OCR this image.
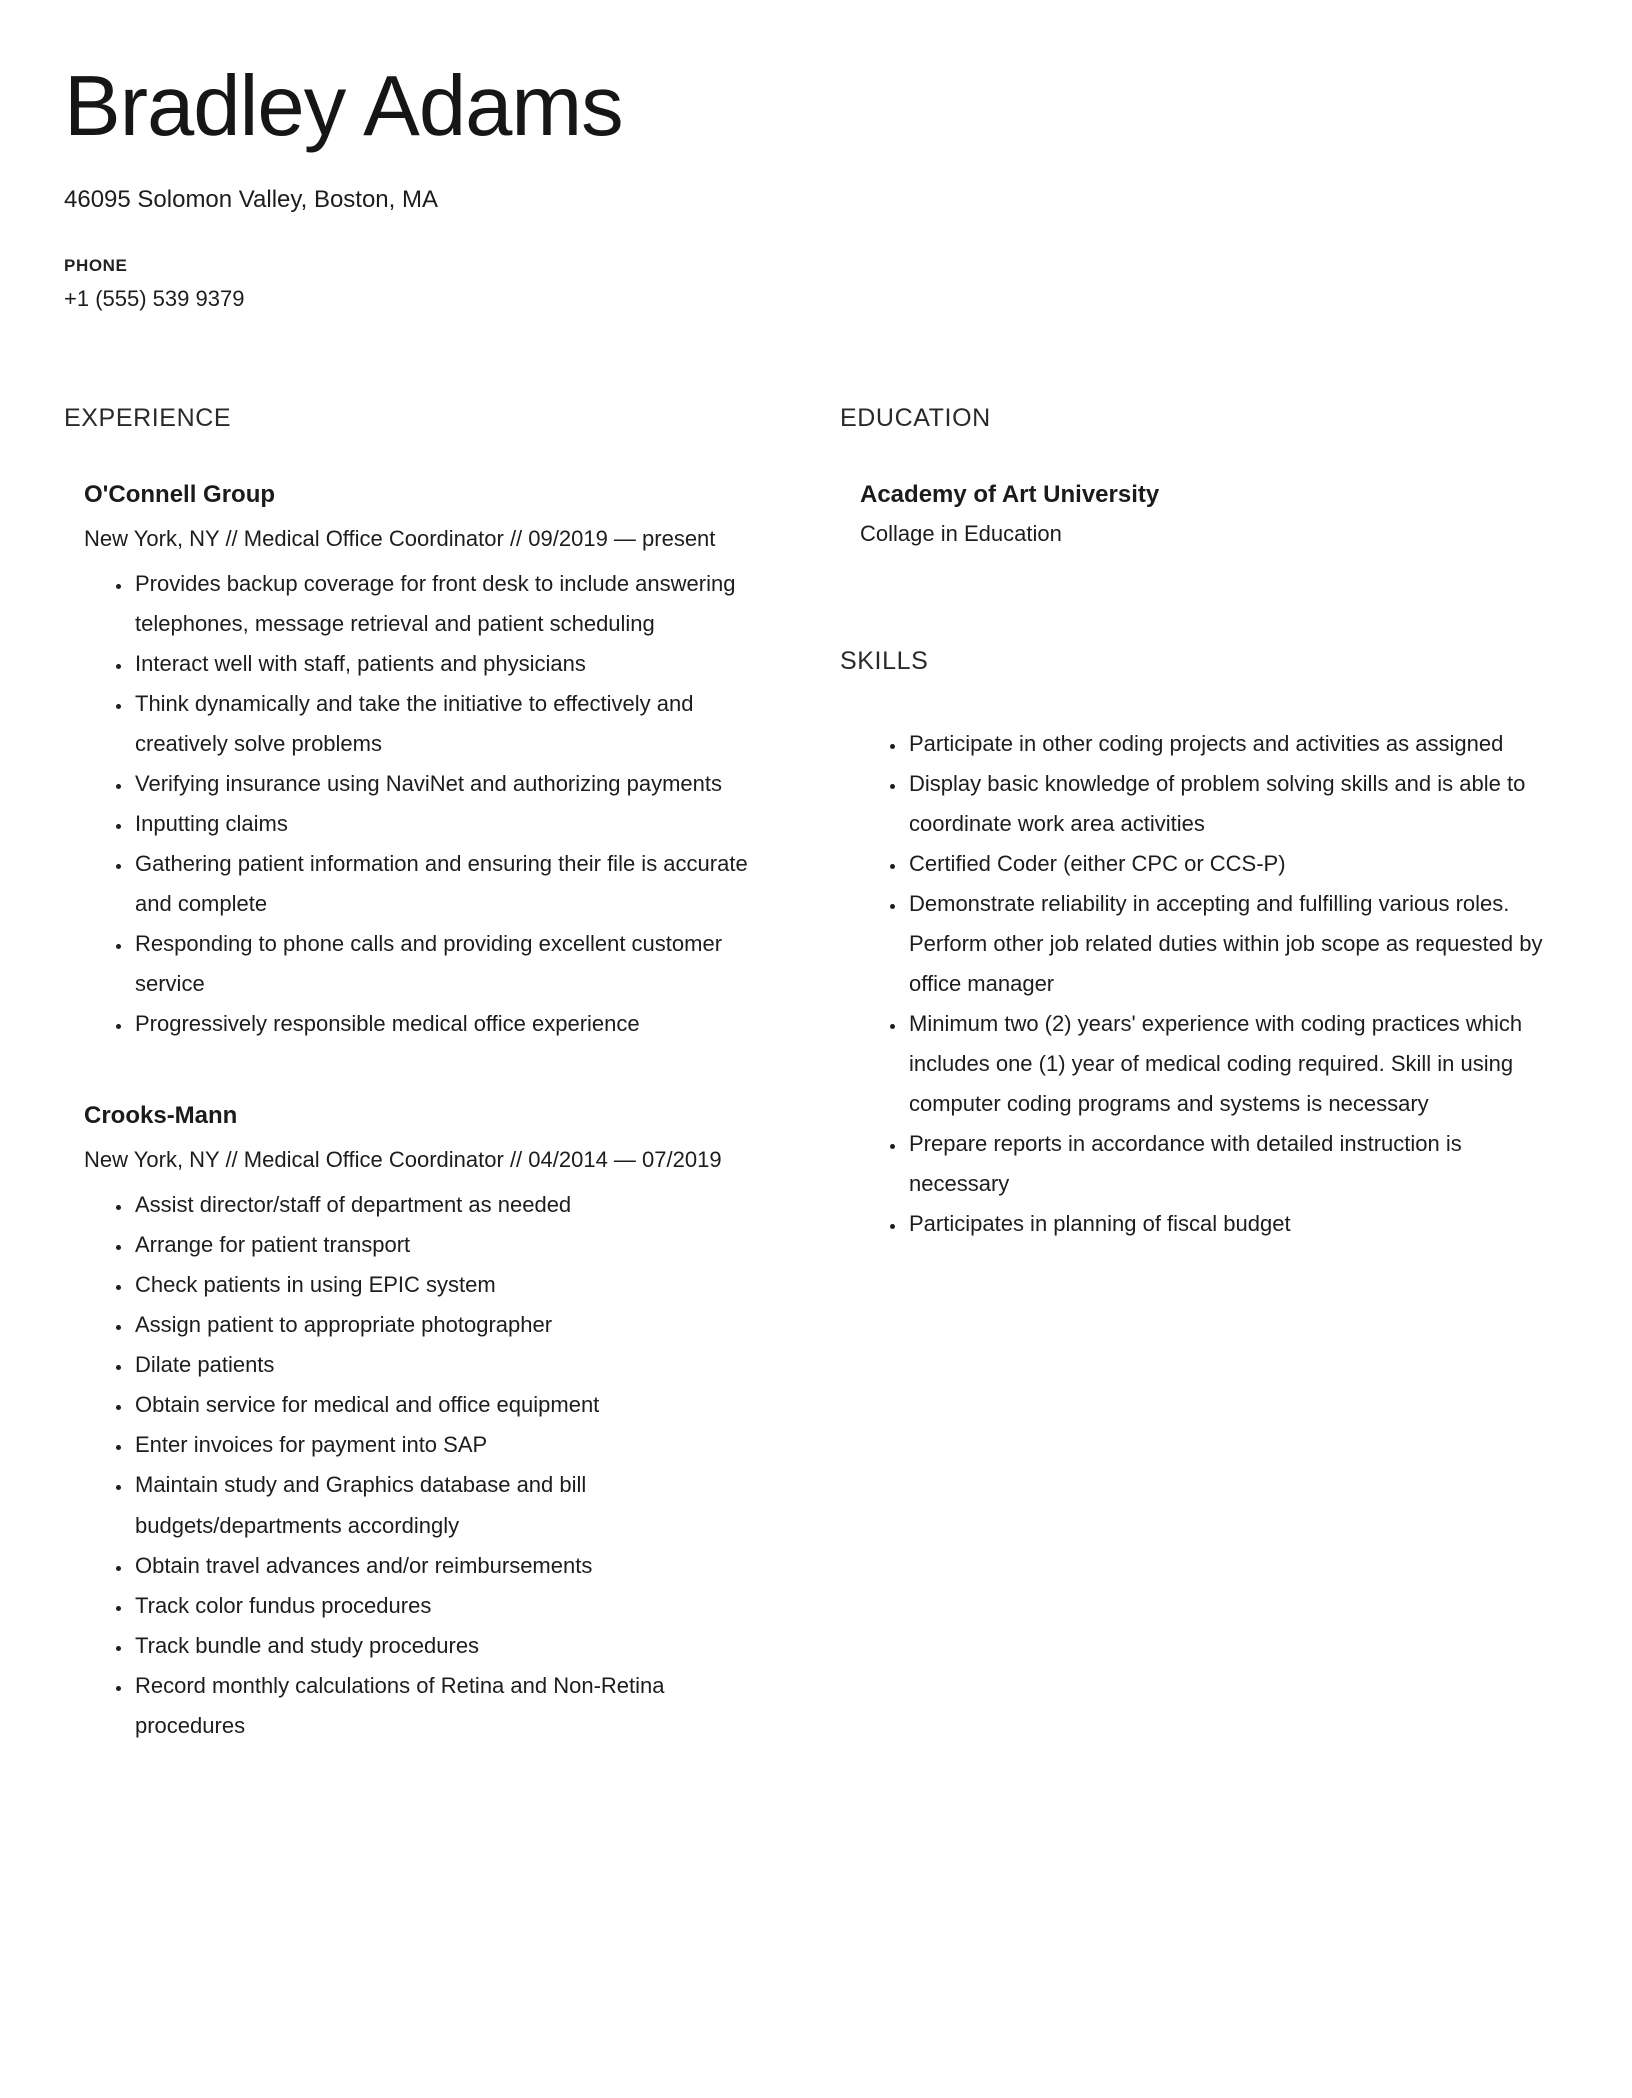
Bradley Adams

46095 Solomon Valley, Boston, MA

PHONE

+1 (555) 539 9379

EXPERIENCE
O'Connell Group

New York, NY // Medical Office Coordinator // 09/2019 — present

• Provides backup coverage for front desk to include answering telephones, message retrieval and patient scheduling
• Interact well with staff, patients and physicians
• Think dynamically and take the initiative to effectively and creatively solve problems
• Verifying insurance using NaviNet and authorizing payments
• Inputting claims
• Gathering patient information and ensuring their file is accurate and complete
• Responding to phone calls and providing excellent customer service
• Progressively responsible medical office experience
Crooks-Mann

New York, NY // Medical Office Coordinator // 04/2014 — 07/2019

• Assist director/staff of department as needed
• Arrange for patient transport
• Check patients in using EPIC system
• Assign patient to appropriate photographer
• Dilate patients
• Obtain service for medical and office equipment
• Enter invoices for payment into SAP
• Maintain study and Graphics database and bill budgets/departments accordingly
• Obtain travel advances and/or reimbursements
• Track color fundus procedures
• Track bundle and study procedures
• Record monthly calculations of Retina and Non-Retina procedures
EDUCATION
Academy of Art University

Collage in Education

SKILLS
• Participate in other coding projects and activities as assigned
• Display basic knowledge of problem solving skills and is able to coordinate work area activities
• Certified Coder (either CPC or CCS-P)
• Demonstrate reliability in accepting and fulfilling various roles. Perform other job related duties within job scope as requested by office manager
• Minimum two (2) years' experience with coding practices which includes one (1) year of medical coding required. Skill in using computer coding programs and systems is necessary
• Prepare reports in accordance with detailed instruction is necessary
• Participates in planning of fiscal budget
